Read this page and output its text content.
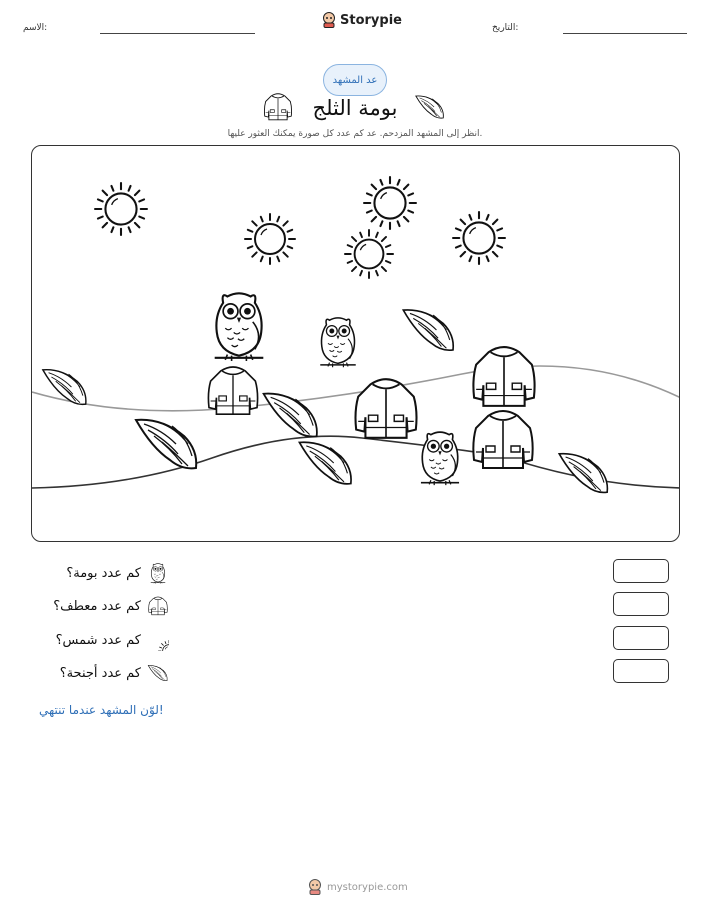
الاسم:
Storypie
التاريخ:
عد المشهد
بومة الثلج
انظر إلى المشهد المزدحم. عد كم عدد كل صورة يمكنك العثور عليها.
كم عدد بومة؟
كم عدد معطف؟
كم عدد شمس؟
كم عدد أجنحة؟
لوّن المشهد عندما تنتهي!
mystorypie.com
